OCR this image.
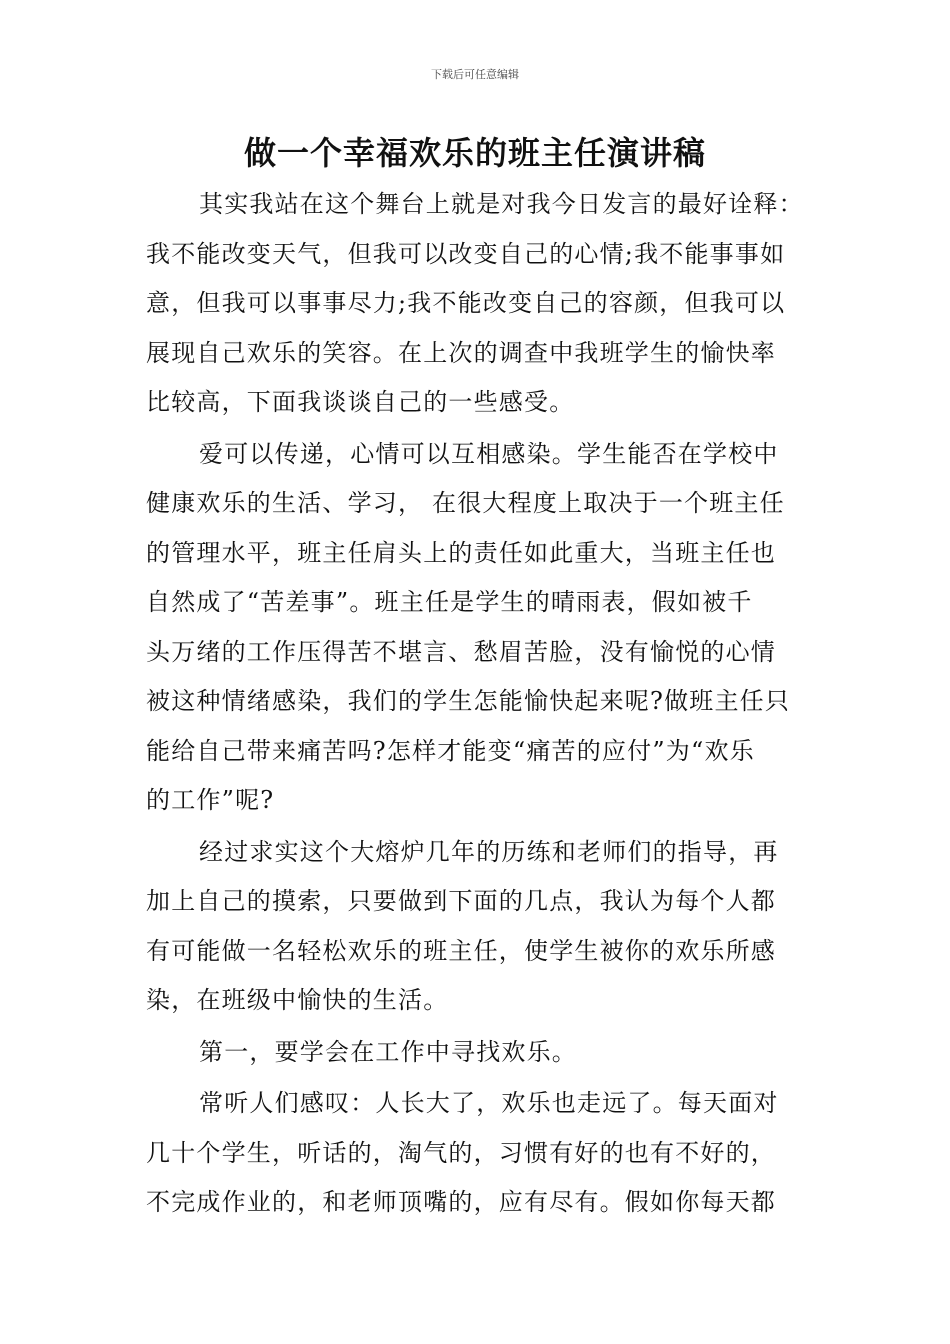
下载后可任意编辑
做一个幸福欢乐的班主任演讲稿
其实我站在这个舞台上就是对我今日发言的最好诠释：
我不能改变天气，但我可以改变自己的心情;我不能事事如
意，但我可以事事尽力;我不能改变自己的容颜，但我可以
展现自己欢乐的笑容。在上次的调查中我班学生的愉快率
比较高，下面我谈谈自己的一些感受。
爱可以传递，心情可以互相感染。学生能否在学校中
健康欢乐的生活、学习， 在很大程度上取决于一个班主任
的管理水平，班主任肩头上的责任如此重大，当班主任也
自然成了“苦差事”。班主任是学生的晴雨表，假如被千
头万绪的工作压得苦不堪言、愁眉苦脸，没有愉悦的心情
被这种情绪感染，我们的学生怎能愉快起来呢?做班主任只
能给自己带来痛苦吗?怎样才能变“痛苦的应付”为“欢乐
的工作”呢?
经过求实这个大熔炉几年的历练和老师们的指导，再
加上自己的摸索，只要做到下面的几点，我认为每个人都
有可能做一名轻松欢乐的班主任，使学生被你的欢乐所感
染，在班级中愉快的生活。
第一，要学会在工作中寻找欢乐。
常听人们感叹：人长大了，欢乐也走远了。每天面对
几十个学生，听话的，淘气的，习惯有好的也有不好的，
不完成作业的，和老师顶嘴的，应有尽有。假如你每天都
